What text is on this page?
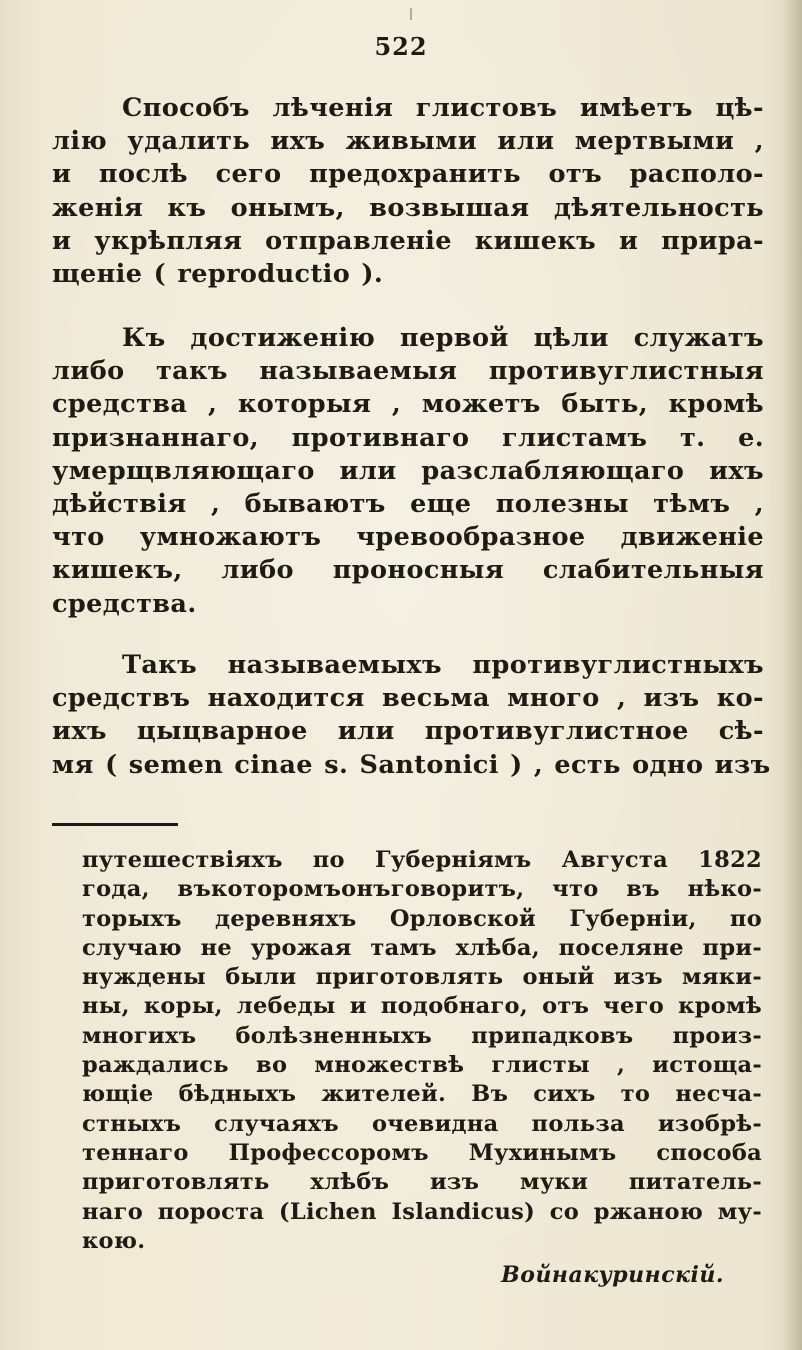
522
Способъ лѣченія глистовъ имѣетъ цѣ-
лію удалить ихъ живыми или мертвыми ,
и послѣ сего предохранить отъ располо-
женія къ онымъ, возвышая дѣятельность
и укрѣпляя отправленіе кишекъ и прира-
щеніе ( reproductio ).
Къ достиженію первой цѣли служатъ
либо такъ называемыя противуглистныя
средства , которыя , можетъ быть, кромѣ
признаннаго, противнаго глистамъ т. е.
умерщвляющаго или разслабляющаго ихъ
дѣйствія , бываютъ еще полезны тѣмъ ,
что умножаютъ чревообразное движеніе
кишекъ, либо проносныя слабительныя
средства.
Такъ называемыхъ противуглистныхъ
средствъ находится весьма много , изъ ко-
ихъ цыцварное или противуглистное сѣ-
мя ( semen cinae s. Santonici ) , есть одно изъ
путешествіяхъ по Губерніямъ Августа 1822
года, въкоторомъонъговоритъ, что въ нѣко-
торыхъ деревняхъ Орловской Губерніи, по
случаю не урожая тамъ хлѣба, поселяне при-
нуждены были приготовлять оный изъ мяки-
ны, коры, лебеды и подобнаго, отъ чего кромѣ
многихъ болѣзненныхъ припадковъ произ-
раждались во множествѣ глисты , истоща-
ющіе бѣдныхъ жителей. Въ сихъ то несча-
стныхъ случаяхъ очевидна польза изобрѣ-
теннаго Профессоромъ Мухинымъ способа
приготовлять хлѣбъ изъ муки питатель-
наго пороста (Lichen Islandicus) со ржаною му-
кою.
Войнакуринскій.
